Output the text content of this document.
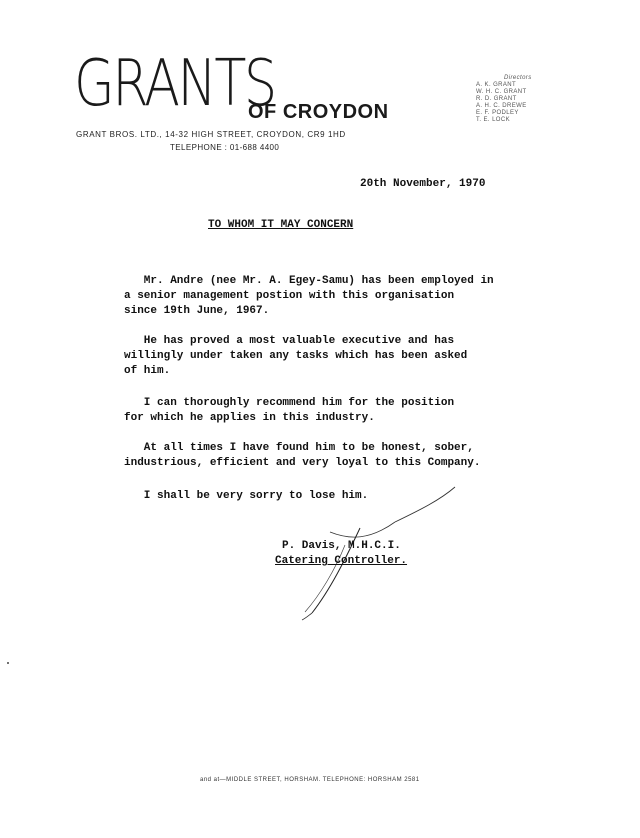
GRANTS
OF CROYDON
GRANT BROS. LTD., 14-32 HIGH STREET, CROYDON, CR9 1HD
TELEPHONE : 01-688 4400
Directors
A. K. GRANT
W. H. C. GRANT
R. D. GRANT
A. H. C. DREWE
E. F. PODLEY
T. E. LOCK
20th November, 1970
TO WHOM IT MAY CONCERN
Mr. Andre (nee Mr. A. Egey-Samu) has been employed in
a senior management postion with this organisation
since 19th June, 1967.
He has proved a most valuable executive and has
willingly under taken any tasks which has been asked
of him.
I can thoroughly recommend him for the position
for which he applies in this industry.
At all times I have found him to be honest, sober,
industrious, efficient and very loyal to this Company.
I shall be very sorry to lose him.
P. Davis, M.H.C.I.
Catering Controller.
and at—MIDDLE STREET, HORSHAM. TELEPHONE: HORSHAM 2581
